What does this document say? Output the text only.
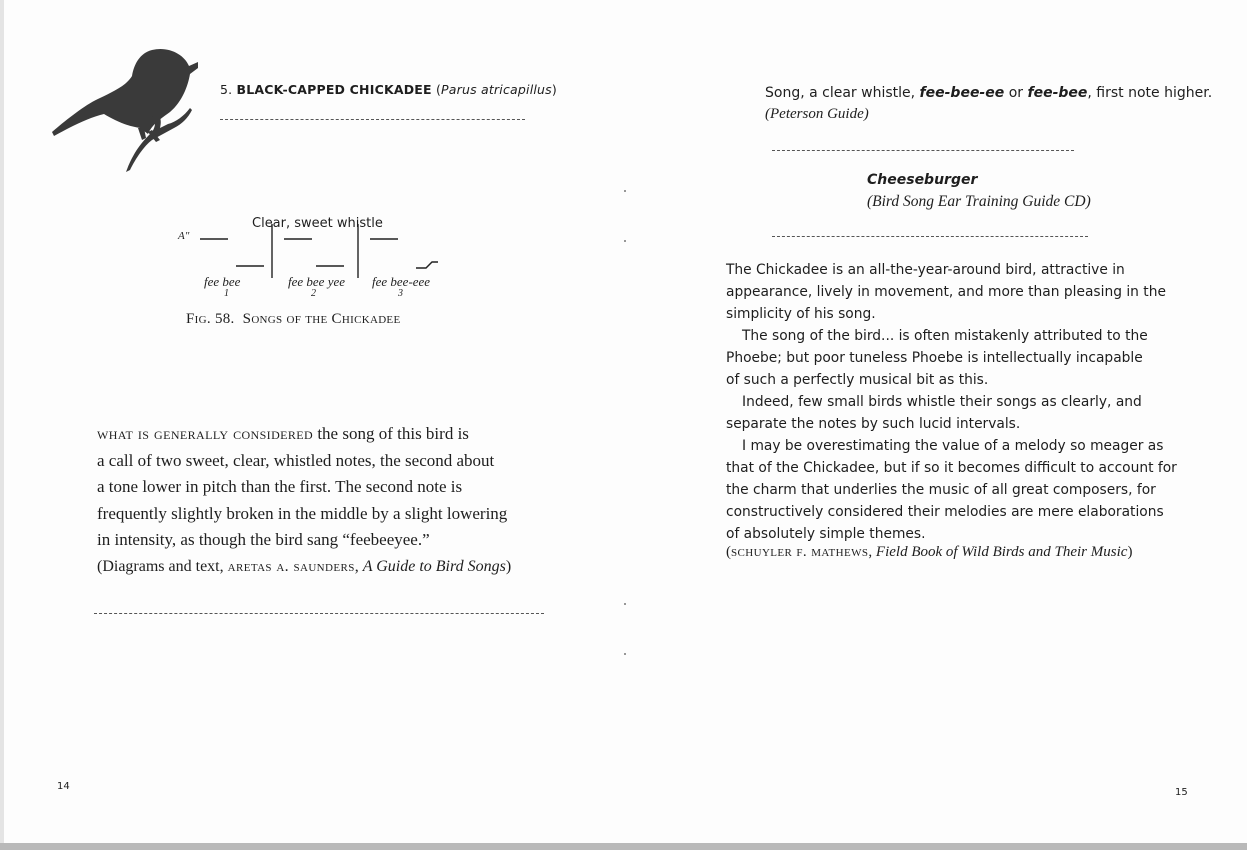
5. BLACK-CAPPED CHICKADEE (Parus atricapillus)
Clear, sweet whistle
A"
fee bee
1
fee bee yee
2
fee bee-eee
3
Fig. 58. Songs of the Chickadee

what is generally considered the song of this bird is

a call of two sweet, clear, whistled notes, the second about

a tone lower in pitch than the first. The second note is

frequently slightly broken in the middle by a slight lowering

in intensity, as though the bird sang “feebeeyee.”

(Diagrams and text, aretas a. saunders, A Guide to Bird Songs)

14
Song, a clear whistle, fee-bee-ee or fee-bee, first note higher.
(Peterson Guide)
Cheeseburger
(Bird Song Ear Training Guide CD)

The Chickadee is an all-the-year-around bird, attractive in

appearance, lively in movement, and more than pleasing in the

simplicity of his song.

The song of the bird... is often mistakenly attributed to the

Phoebe; but poor tuneless Phoebe is intellectually incapable

of such a perfectly musical bit as this.

Indeed, few small birds whistle their songs as clearly, and

separate the notes by such lucid intervals.

I may be overestimating the value of a melody so meager as

that of the Chickadee, but if so it becomes difficult to account for

the charm that underlies the music of all great composers, for

constructively considered their melodies are mere elaborations

of absolutely simple themes.

(schuyler f. mathews, Field Book of Wild Birds and Their Music)
15
